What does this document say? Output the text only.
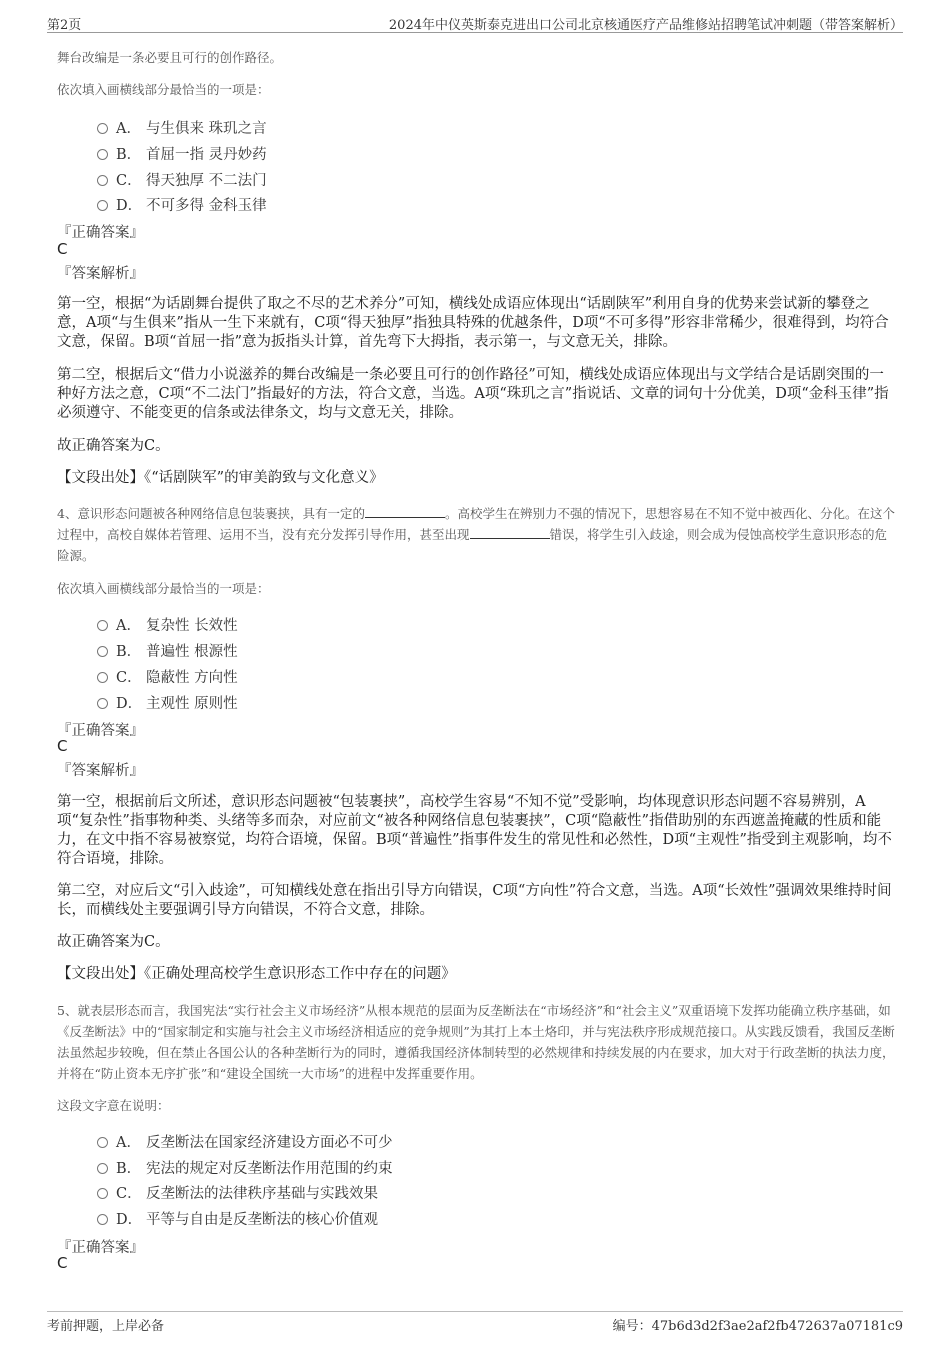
第2页	2024年中仪英斯泰克进出口公司北京核通医疗产品维修站招聘笔试冲刺题（带答案解析）
舞台改编是一条必要且可行的创作路径。
依次填入画横线部分最恰当的一项是：
A． 与生俱来 珠玑之言
B． 首屈一指 灵丹妙药
C． 得天独厚 不二法门
D． 不可多得 金科玉律
『正确答案』
C
『答案解析』
第一空，根据“为话剧舞台提供了取之不尽的艺术养分”可知，横线处成语应体现出“话剧陕军”利用自身的优势来尝试新的攀登之意，A项“与生俱来”指从一生下来就有，C项“得天独厚”指独具特殊的优越条件，D项“不可多得”形容非常稀少，很难得到，均符合文意，保留。B项“首屈一指”意为扳指头计算，首先弯下大拇指，表示第一，与文意无关，排除。
第二空，根据后文“借力小说滋养的舞台改编是一条必要且可行的创作路径”可知，横线处成语应体现出与文学结合是话剧突围的一种好方法之意，C项“不二法门”指最好的方法，符合文意，当选。A项“珠玑之言”指说话、文章的词句十分优美，D项“金科玉律”指必须遵守、不能变更的信条或法律条文，均与文意无关，排除。
故正确答案为C。
【文段出处】《“话剧陕军”的审美韵致与文化意义》
4、意识形态问题被各种网络信息包装裹挟，具有一定的	。高校学生在辨别力不强的情况下，思想容易在不知不觉中被西化、分化。在这个过程中，高校自媒体若管理、运用不当，没有充分发挥引导作用，甚至出现	错误，将学生引入歧途，则会成为侵蚀高校学生意识形态的危险源。
依次填入画横线部分最恰当的一项是：
A． 复杂性 长效性
B． 普遍性 根源性
C． 隐蔽性 方向性
D． 主观性 原则性
『正确答案』
C
『答案解析』
第一空，根据前后文所述，意识形态问题被“包装裹挟”，高校学生容易“不知不觉”受影响，均体现意识形态问题不容易辨别，A项“复杂性”指事物种类、头绪等多而杂，对应前文“被各种网络信息包装裹挟”，C项“隐蔽性”指借助别的东西遮盖掩藏的性质和能力，在文中指不容易被察觉，均符合语境，保留。B项“普遍性”指事件发生的常见性和必然性，D项“主观性”指受到主观影响，均不符合语境，排除。
第二空，对应后文“引入歧途”，可知横线处意在指出引导方向错误，C项“方向性”符合文意，当选。A项“长效性”强调效果维持时间长，而横线处主要强调引导方向错误，不符合文意，排除。
故正确答案为C。
【文段出处】《正确处理高校学生意识形态工作中存在的问题》
5、就表层形态而言，我国宪法“实行社会主义市场经济”从根本规范的层面为反垄断法在“市场经济”和“社会主义”双重语境下发挥功能确立秩序基础，如《反垄断法》中的“国家制定和实施与社会主义市场经济相适应的竞争规则”为其打上本土烙印，并与宪法秩序形成规范接口。从实践反馈看，我国反垄断法虽然起步较晚，但在禁止各国公认的各种垄断行为的同时，遵循我国经济体制转型的必然规律和持续发展的内在要求，加大对于行政垄断的执法力度，并将在“防止资本无序扩张”和“建设全国统一大市场”的进程中发挥重要作用。
这段文字意在说明：
A． 反垄断法在国家经济建设方面必不可少
B． 宪法的规定对反垄断法作用范围的约束
C． 反垄断法的法律秩序基础与实践效果
D． 平等与自由是反垄断法的核心价值观
『正确答案』
C
考前押题，上岸必备	编号：47b6d3d2f3ae2af2fb472637a07181c9
